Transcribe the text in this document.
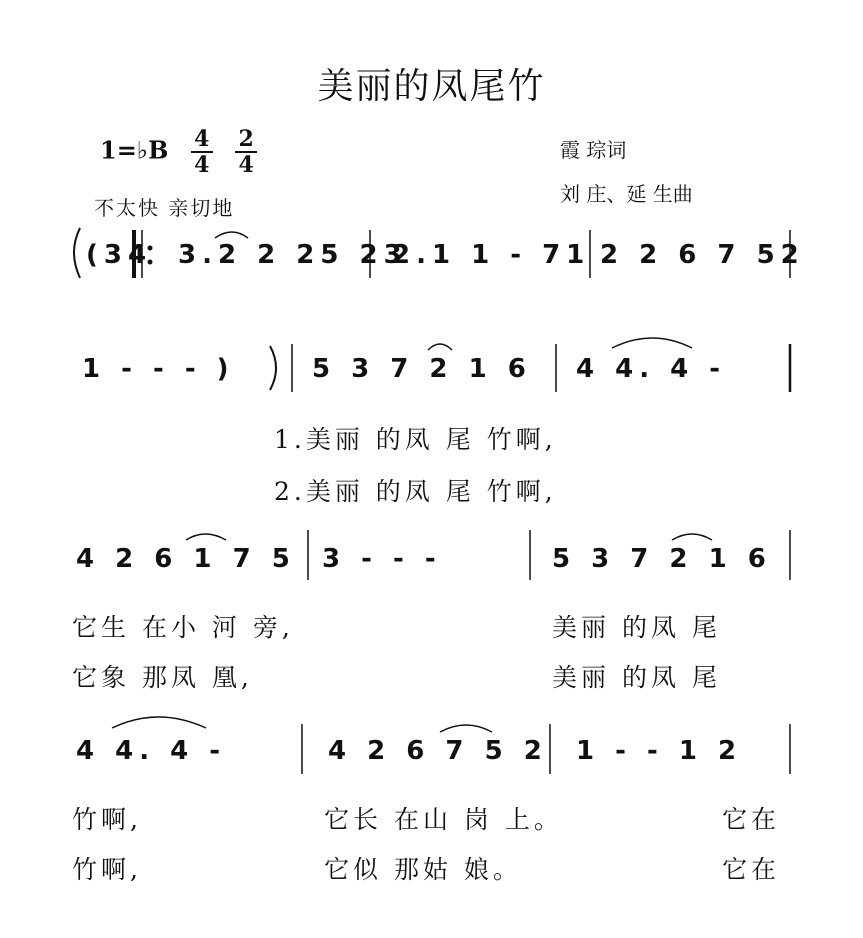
美丽的凤尾竹
1=♭B $\frac{4}{4}$
$\frac{2}{4}$	霞 琮词
刘 庄、延 生曲
不太快 亲切地
(34 3.2 2 25 23
2.1 1 - 71 2 2 6 7 52
1 - - - )	5 3 7 2 1 6 4 4. 4 -
1.美丽 的凤 尾 竹啊,
2.美丽 的凤 尾 竹啊,
4 2 6 1 7 5 3 - - -	5 3 7 2 1 6
它生 在小 河 旁,	美丽 的凤 尾
它象 那凤 凰,	美丽 的凤 尾
4 4. 4 -	4 2 6 7 5 2 1 - - 1 2
竹啊,	它长 在山 岗 上。	它在
竹啊,	它似 那姑 娘。	它在
